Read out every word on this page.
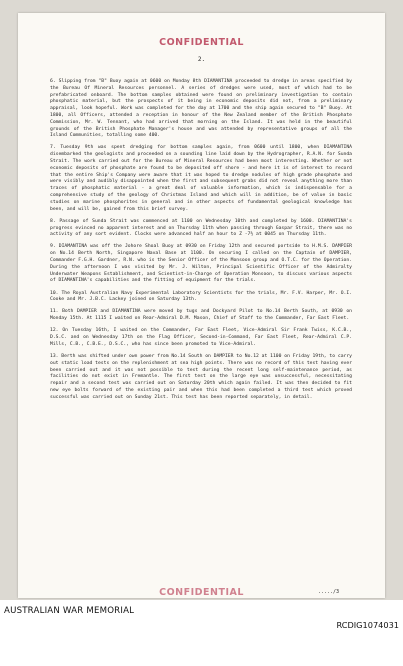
CONFIDENTIAL
2.

6. Slipping from "B" Buoy again at 0600 on Monday 8th DIAMANTINA proceeded to dredge in areas specified by the Bureau Of Mineral Resources personnel. A series of dredges were used, most of which had to be prefabricated onboard. The bottom samples obtained were found on preliminary investigation to contain phosphatic material, but the prospects of it being in economic deposits did not, from a preliminary appraisal, look hopeful. Work was completed for the day at 1700 and the ship again secured to "B" Buoy. At 1800, all Officers, attended a reception in honour of the New Zealand member of the British Phosphate Commission, Mr. W. Tennant, who had arrived that morning on the Island. It was held in the beautiful grounds of the British Phosphate Manager's house and was attended by representative groups of all the Island Communities, totalling some 400.

7. Tuesday 9th was spent dredging for bottom samples again, from 0600 until 1800, when DIAMANTINA disembarked the geologists and proceeded on a sounding line laid down by the Hydrographer, R.A.N. for Sunda Strait. The work carried out for the Bureau of Mineral Resources had been most interesting. Whether or not economic deposits of phosphate are found to be deposited off shore - and here it is of interest to record that the entire Ship's Company were aware that it was hoped to dredge nodules of high grade phosphate and were visibly and audibly disappointed when the first and subsequent grabs did not reveal anything more than traces of phosphatic material - a great deal of valuable information, which is indispensable for a comprehensive study of the geology of Christmas Island and which will in addition, be of value in basic studies on marine phosphorites in general and in other aspects of fundamental geological knowledge has been, and will be, gained from this brief survey.

8. Passage of Sunda Strait was commenced at 1100 on Wednesday 10th and completed by 1600. DIAMANTINA's progress evinced no apparent interest and on Thursday 11th when passing through Gaspar Strait, there was no activity of any sort evident. Clocks were advanced half an hour to Z -7½ at 0045 on Thursday 11th.

9. DIAMANTINA was off the Johore Shoal Buoy at 0930 on Friday 12th and secured portside to H.M.S. DAMPIER on No.14 Berth North, Singapore Naval Base at 1100. On securing I called on the Captain of DAMPIER, Commander F.G.H. Gardner, R.N. who is the Senior Officer of the Monsoon group and O.T.C. for the Operation. During the afternoon I was visited by Mr. J. Wilton, Principal Scientific Officer of the Admiralty Underwater Weapons Establishment, and Scientist-in-Charge of Operation Monsoon, to discuss various aspects of DIAMANTINA's capabilities and the fitting of equipment for the trials.

10. The Royal Australian Navy Experimental Laboratory Scientists for the trials, Mr. F.V. Harper, Mr. O.I. Cooke and Mr. J.B.C. Lackey joined on Saturday 13th.

11. Both DAMPIER and DIAMANTINA were moved by tugs and Dockyard Pilot to No.14 Berth South, at 0930 on Monday 15th. At 1115 I waited on Rear-Admiral D.M. Mason, Chief of Staff to the Commander, Far East Fleet.

12. On Tuesday 16th, I waited on the Commander, Far East Fleet, Vice-Admiral Sir Frank Twiss, K.C.B., D.S.C. and on Wednesday 17th on the Flag Officer, Second-in-Command, Far East Fleet, Rear-Admiral C.P. Mills, C.B., C.B.E., D.S.C., who has since been promoted to Vice-Admiral.

13. Berth was shifted under own power from No.14 South on DAMPIER to No.12 at 1100 on Friday 19th, to carry out static load tests on the replenishment at sea high points. There was no record of this test having ever been carried out and it was not possible to test during the recent long self-maintenance period, as facilities do not exist in Fremantle. The first test on the large eye was unsuccessful, necessitating repair and a second test was carried out on Saturday 20th which again failed. It was then decided to fit new eye bolts forward of the existing pair and when this had been completed a third test which proved successful was carried out on Sunday 21st. This test has been reported separately, in detail.

CONFIDENTIAL	...../3
AUSTRALIAN WAR MEMORIAL
RCDIG1074031
